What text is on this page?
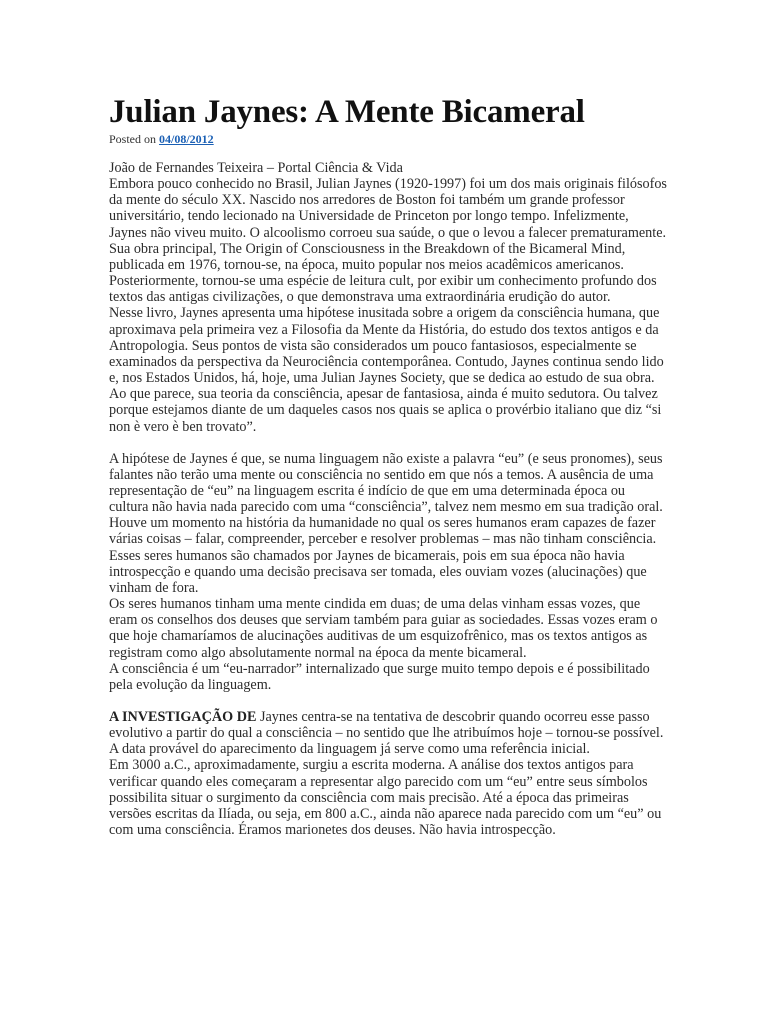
Julian Jaynes: A Mente Bicameral
Posted on 04/08/2012

João de Fernandes Teixeira – Portal Ciência & Vida

Embora pouco conhecido no Brasil, Julian Jaynes (1920-1997) foi um dos mais originais filósofos da mente do século XX. Nascido nos arredores de Boston foi também um grande professor universitário, tendo lecionado na Universidade de Princeton por longo tempo. Infelizmente, Jaynes não viveu muito. O alcoolismo corroeu sua saúde, o que o levou a falecer prematuramente.

Sua obra principal, The Origin of Consciousness in the Breakdown of the Bicameral Mind, publicada em 1976, tornou-se, na época, muito popular nos meios acadêmicos americanos. Posteriormente, tornou-se uma espécie de leitura cult, por exibir um conhecimento profundo dos textos das antigas civilizações, o que demonstrava uma extraordinária erudição do autor.

Nesse livro, Jaynes apresenta uma hipótese inusitada sobre a origem da consciência humana, que aproximava pela primeira vez a Filosofia da Mente da História, do estudo dos textos antigos e da Antropologia. Seus pontos de vista são considerados um pouco fantasiosos, especialmente se examinados da perspectiva da Neurociência contemporânea. Contudo, Jaynes continua sendo lido e, nos Estados Unidos, há, hoje, uma Julian Jaynes Society, que se dedica ao estudo de sua obra. Ao que parece, sua teoria da consciência, apesar de fantasiosa, ainda é muito sedutora. Ou talvez porque estejamos diante de um daqueles casos nos quais se aplica o provérbio italiano que diz “si non è vero è ben trovato”.

A hipótese de Jaynes é que, se numa linguagem não existe a palavra “eu” (e seus pronomes), seus falantes não terão uma mente ou consciência no sentido em que nós a temos. A ausência de uma representação de “eu” na linguagem escrita é indício de que em uma determinada época ou cultura não havia nada parecido com uma “consciência”, talvez nem mesmo em sua tradição oral.

Houve um momento na história da humanidade no qual os seres humanos eram capazes de fazer várias coisas – falar, compreender, perceber e resolver problemas – mas não tinham consciência. Esses seres humanos são chamados por Jaynes de bicamerais, pois em sua época não havia introspecção e quando uma decisão precisava ser tomada, eles ouviam vozes (alucinações) que vinham de fora.

Os seres humanos tinham uma mente cindida em duas; de uma delas vinham essas vozes, que eram os conselhos dos deuses que serviam também para guiar as sociedades. Essas vozes eram o que hoje chamaríamos de alucinações auditivas de um esquizofrênico, mas os textos antigos as registram como algo absolutamente normal na época da mente bicameral.

A consciência é um “eu-narrador” internalizado que surge muito tempo depois e é possibilitado pela evolução da linguagem.

A INVESTIGAÇÃO DE Jaynes centra-se na tentativa de descobrir quando ocorreu esse passo evolutivo a partir do qual a consciência – no sentido que lhe atribuímos hoje – tornou-se possível. A data provável do aparecimento da linguagem já serve como uma referência inicial.

Em 3000 a.C., aproximadamente, surgiu a escrita moderna. A análise dos textos antigos para verificar quando eles começaram a representar algo parecido com um “eu” entre seus símbolos possibilita situar o surgimento da consciência com mais precisão. Até a época das primeiras versões escritas da Ilíada, ou seja, em 800 a.C., ainda não aparece nada parecido com um “eu” ou com uma consciência. Éramos marionetes dos deuses. Não havia introspecção.
